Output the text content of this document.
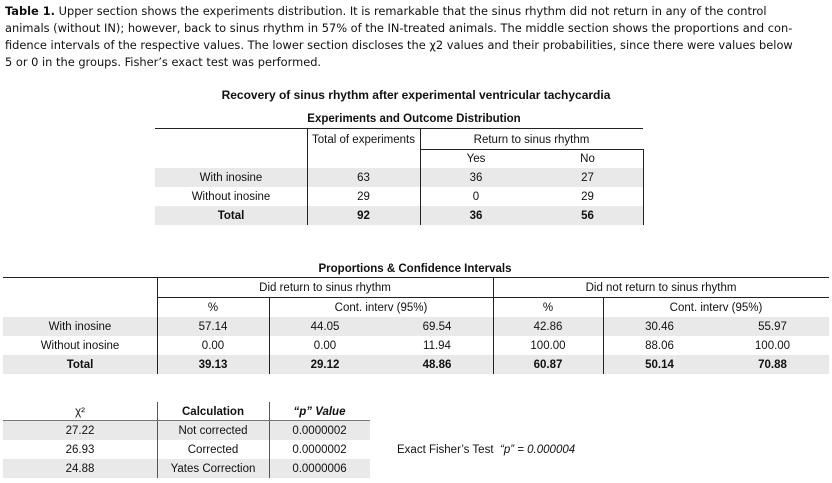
Table 1. Upper section shows the experiments distribution. It is remarkable that the sinus rhythm did not return in any of the control
animals (without IN); however, back to sinus rhythm in 57% of the IN-treated animals. The middle section shows the proportions and con-
fidence intervals of the respective values. The lower section discloses the χ2 values and their probabilities, since there were values below
5 or 0 in the groups. Fisher’s exact test was performed.
Recovery of sinus rhythm after experimental ventricular tachycardia
Experiments and Outcome Distribution
Total of experiments	Return to sinus rhythm
Yes	No
With inosine	63	36	27
Without inosine	29	0	29
Total	92	36	56
Proportions & Confidence Intervals
Did return to sinus rhythm	Did not return to sinus rhythm
%	Cont. interv (95%)	%	Cont. interv (95%)
With inosine	57.14	44.05	69.54	42.86	30.46	55.97
Without inosine	0.00	0.00	11.94	100.00	88.06	100.00
Total	39.13	29.12	48.86	60.87	50.14	70.88
χ²	Calculation	“p” Value
27.22	Not corrected	0.0000002
26.93	Corrected	0.0000002
24.88	Yates Correction	0.0000006
Exact Fisher’s Test “p” = 0.000004
